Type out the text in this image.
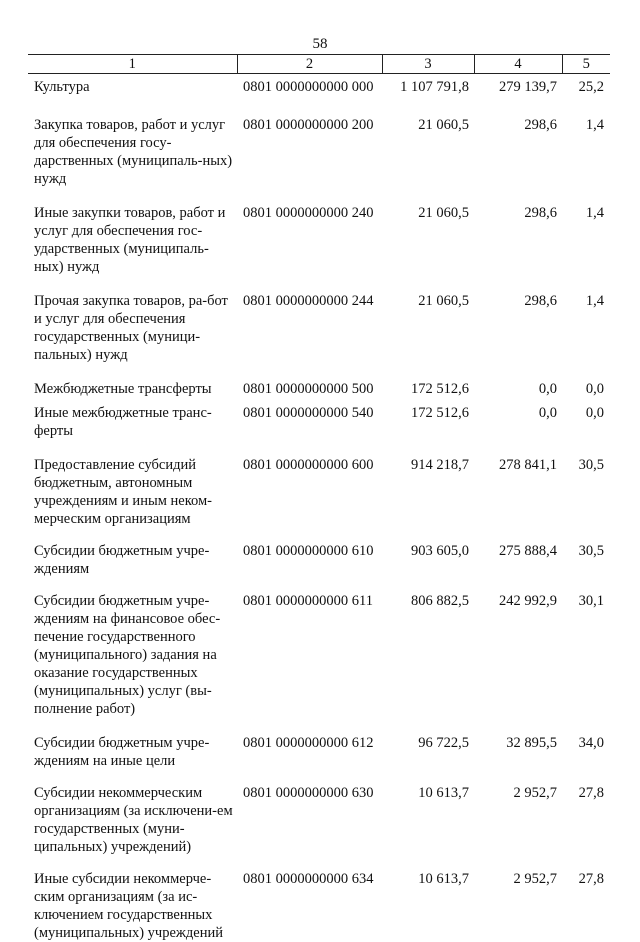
58
1	2	3	4	5
Культура	0801 0000000000 000	1 107 791,8	279 139,7	25,2
Закупка товаров, работ и услуг для обеспечения госу-дарственных (муниципаль-ных) нужд	0801 0000000000 200	21 060,5	298,6	1,4
Иные закупки товаров, работ и услуг для обеспечения гос-ударственных (муниципаль-ных) нужд	0801 0000000000 240	21 060,5	298,6	1,4
Прочая закупка товаров, ра-бот и услуг для обеспечения государственных (муници-пальных) нужд	0801 0000000000 244	21 060,5	298,6	1,4
Межбюджетные трансферты	0801 0000000000 500	172 512,6	0,0	0,0
Иные межбюджетные транс-ферты	0801 0000000000 540	172 512,6	0,0	0,0
Предоставление субсидий бюджетным, автономным учреждениям и иным неком-мерческим организациям	0801 0000000000 600	914 218,7	278 841,1	30,5
Субсидии бюджетным учре-ждениям	0801 0000000000 610	903 605,0	275 888,4	30,5
Субсидии бюджетным учре-ждениям на финансовое обес-печение государственного (муниципального) задания на оказание государственных (муниципальных) услуг (вы-полнение работ)	0801 0000000000 611	806 882,5	242 992,9	30,1
Субсидии бюджетным учре-ждениям на иные цели	0801 0000000000 612	96 722,5	32 895,5	34,0
Субсидии некоммерческим организациям (за исключени-ем государственных (муни-ципальных) учреждений)	0801 0000000000 630	10 613,7	2 952,7	27,8
Иные субсидии некоммерче-ским организациям (за ис-ключением государственных (муниципальных) учреждений	0801 0000000000 634	10 613,7	2 952,7	27,8
